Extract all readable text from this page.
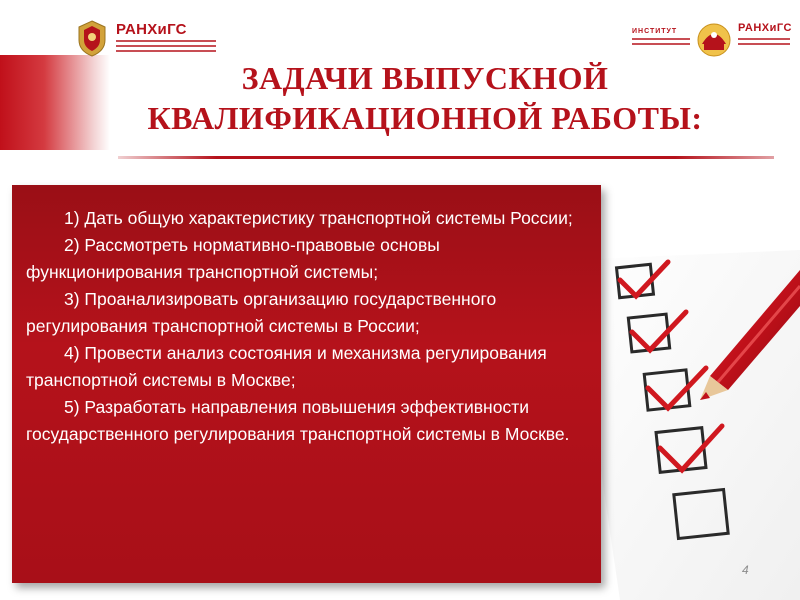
РАНХиГС	ИНСТИТУТ	РАНХиГС
ЗАДАЧИ ВЫПУСКНОЙ
КВАЛИФИКАЦИОННОЙ РАБОТЫ:

1) Дать общую характеристику транспортной системы России;

2) Рассмотреть нормативно-правовые основы функционирования транспортной системы;

3) Проанализировать организацию государственного регулирования транспортной системы в России;

4) Провести анализ состояния и механизма регулирования транспортной системы в Москве;

5) Разработать направления повышения эффективности государственного регулирования транспортной системы в Москве.

4
